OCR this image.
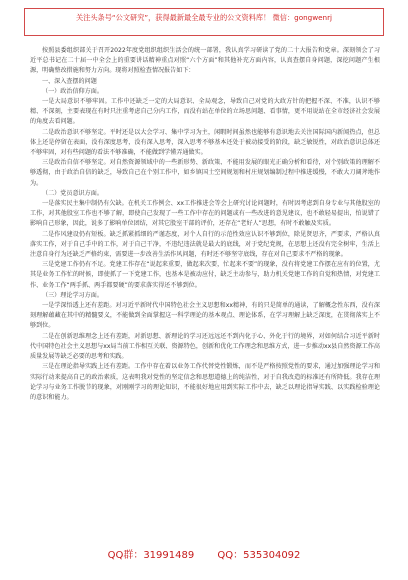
关注头条号“公文研究”，获得最新最全最专业的公文资料库！ 微信：gongwenrj

按照县委组织部关于召开2022年度党组织组织生活会的统一部署，我认真学习研读了党的二十大报告和党章。深刻领会了习近平总书记在二十届一中全会上的重要讲话精神重点对照“六个方面”和其他补充方面内容，认真查摆自身问题，深挖问题产生根源，明确整改措施和努力方向。现将对照检查情况报告如下：

一、深入查摆的问题

（一）政治信仰方面。

一是大局意识不够牢固。工作中还缺乏一定的大局意识、全局观念，导致自己对党的大政方针的把握不深、不准，认识不够精、不深刻，主要表现在有时只注重考虑自己分内工作，而没有站在单位的立场思问题、看事情，更不用说站在全市经济社会发展的角度去看问题。

二是政治意识不够坚定。平时还是以大会学习、集中学习为主，闲暇时间虽然也能够有意识地去关注国际国内新闻热点，但总体上还是停留在表面，没有深度思考，没有深入思考，深入思考不够基本还处于被动接受的阶段，缺乏敏锐性，对政治意识总体还不够牢固，对有些问题的看法不够准确，不能做到学懂弄通做实。

三是政治自信不够坚定。对自然资源领域中的一些新形势、新政策、不能用发展的眼光正确分析和看待，对个别政策的理解不够透彻，由于政治自信的缺乏，导致自己在个别工作中，如乡镇国土空间规划和村庄规划编制过程中推进缓慢，不敢大刀阔斧地作为。

（二）党员意识方面。

一是落实民主集中制仍有欠缺。在机关工作例会、xx工作推进会等会上研究讨论问题时，有时因考虑到自身专业与其他股室的工作，对其他股室工作也不够了解，即使自己发现了一些工作中存在的问题或有一些改进的意见建议，也不敢轻易提出，怕说错了影响自己形象，因此，说多了影响单位团结，对其它股室干部的评价，还存在“老好人”思想，有时不敢触及实质。

二是作风建设仍有短板。缺乏抓紧抓细的严谨态度，对个人自行的示范性效应认识不够到位，除见贤思齐，严要求，严格认真落实工作，对于自己手中的工作，对于自己干净，不违纪违法就是最大的底线，对于党纪党规，在思想上还没有完全树牢，生活上注意自身行为还缺乏严格约束，需要进一步改善生活作风问题，有时还不够坚守底线，存在对自己要求不严格的现象。

三是党建工作仍有不足。党建工作存在“说起来重要，做起来次要，忙起来不要”的现象，没有将党建工作摆在应有的位置，尤其是业务工作忙的时候，即使抓了一下党建工作，也基本是被动应付，缺乏主动参与，助力机关党建工作的自觉和热情，对党建工作、业务工作“两手抓、两手都要硬”的要求落实得还不够到位。

（三）理论学习方面。

一是学深悟透上还有差距。对习近平新时代中国特色社会主义思想和xx精神，有的只是简单的通读，了解概念性东西，没有深刻理解蕴藏在其中的精髓要义，不能做到全面掌握这一科学理论的基本观点、理论体系，在学习理解上缺乏深度，在贯彻落实上不够到位。

二是在创新思维理念上还有差距，对新思想、新理论的学习还远远还不到内化于心、外化于行的境界，对如何结合习近平新时代中国特色社会主义思想与xx局当前工作相互关联、资源特色，创新和优化工作理念和思维方式，进一步推动xx县自然资源工作高质量发展等缺乏必要的思考和实践。

三是在理论指导实践上还有差距。工作中存在着以业务工作代替党性锻炼，而不是严格按照党性的要求，通过加强理论学习和实际行动来提高自己的政治素质，这表明我对党性的坚定信念和思想道德上的纯洁性，对于自我改造的标准还有所降低。我存在理论学习与业务工作脱节的现象，对刚刚学习的理论知识，不能很好地应用到实际工作中去，缺乏以理论指导实践、以实践检验理论的意识和能力。

QQ群：31991489 QQ：535304092
